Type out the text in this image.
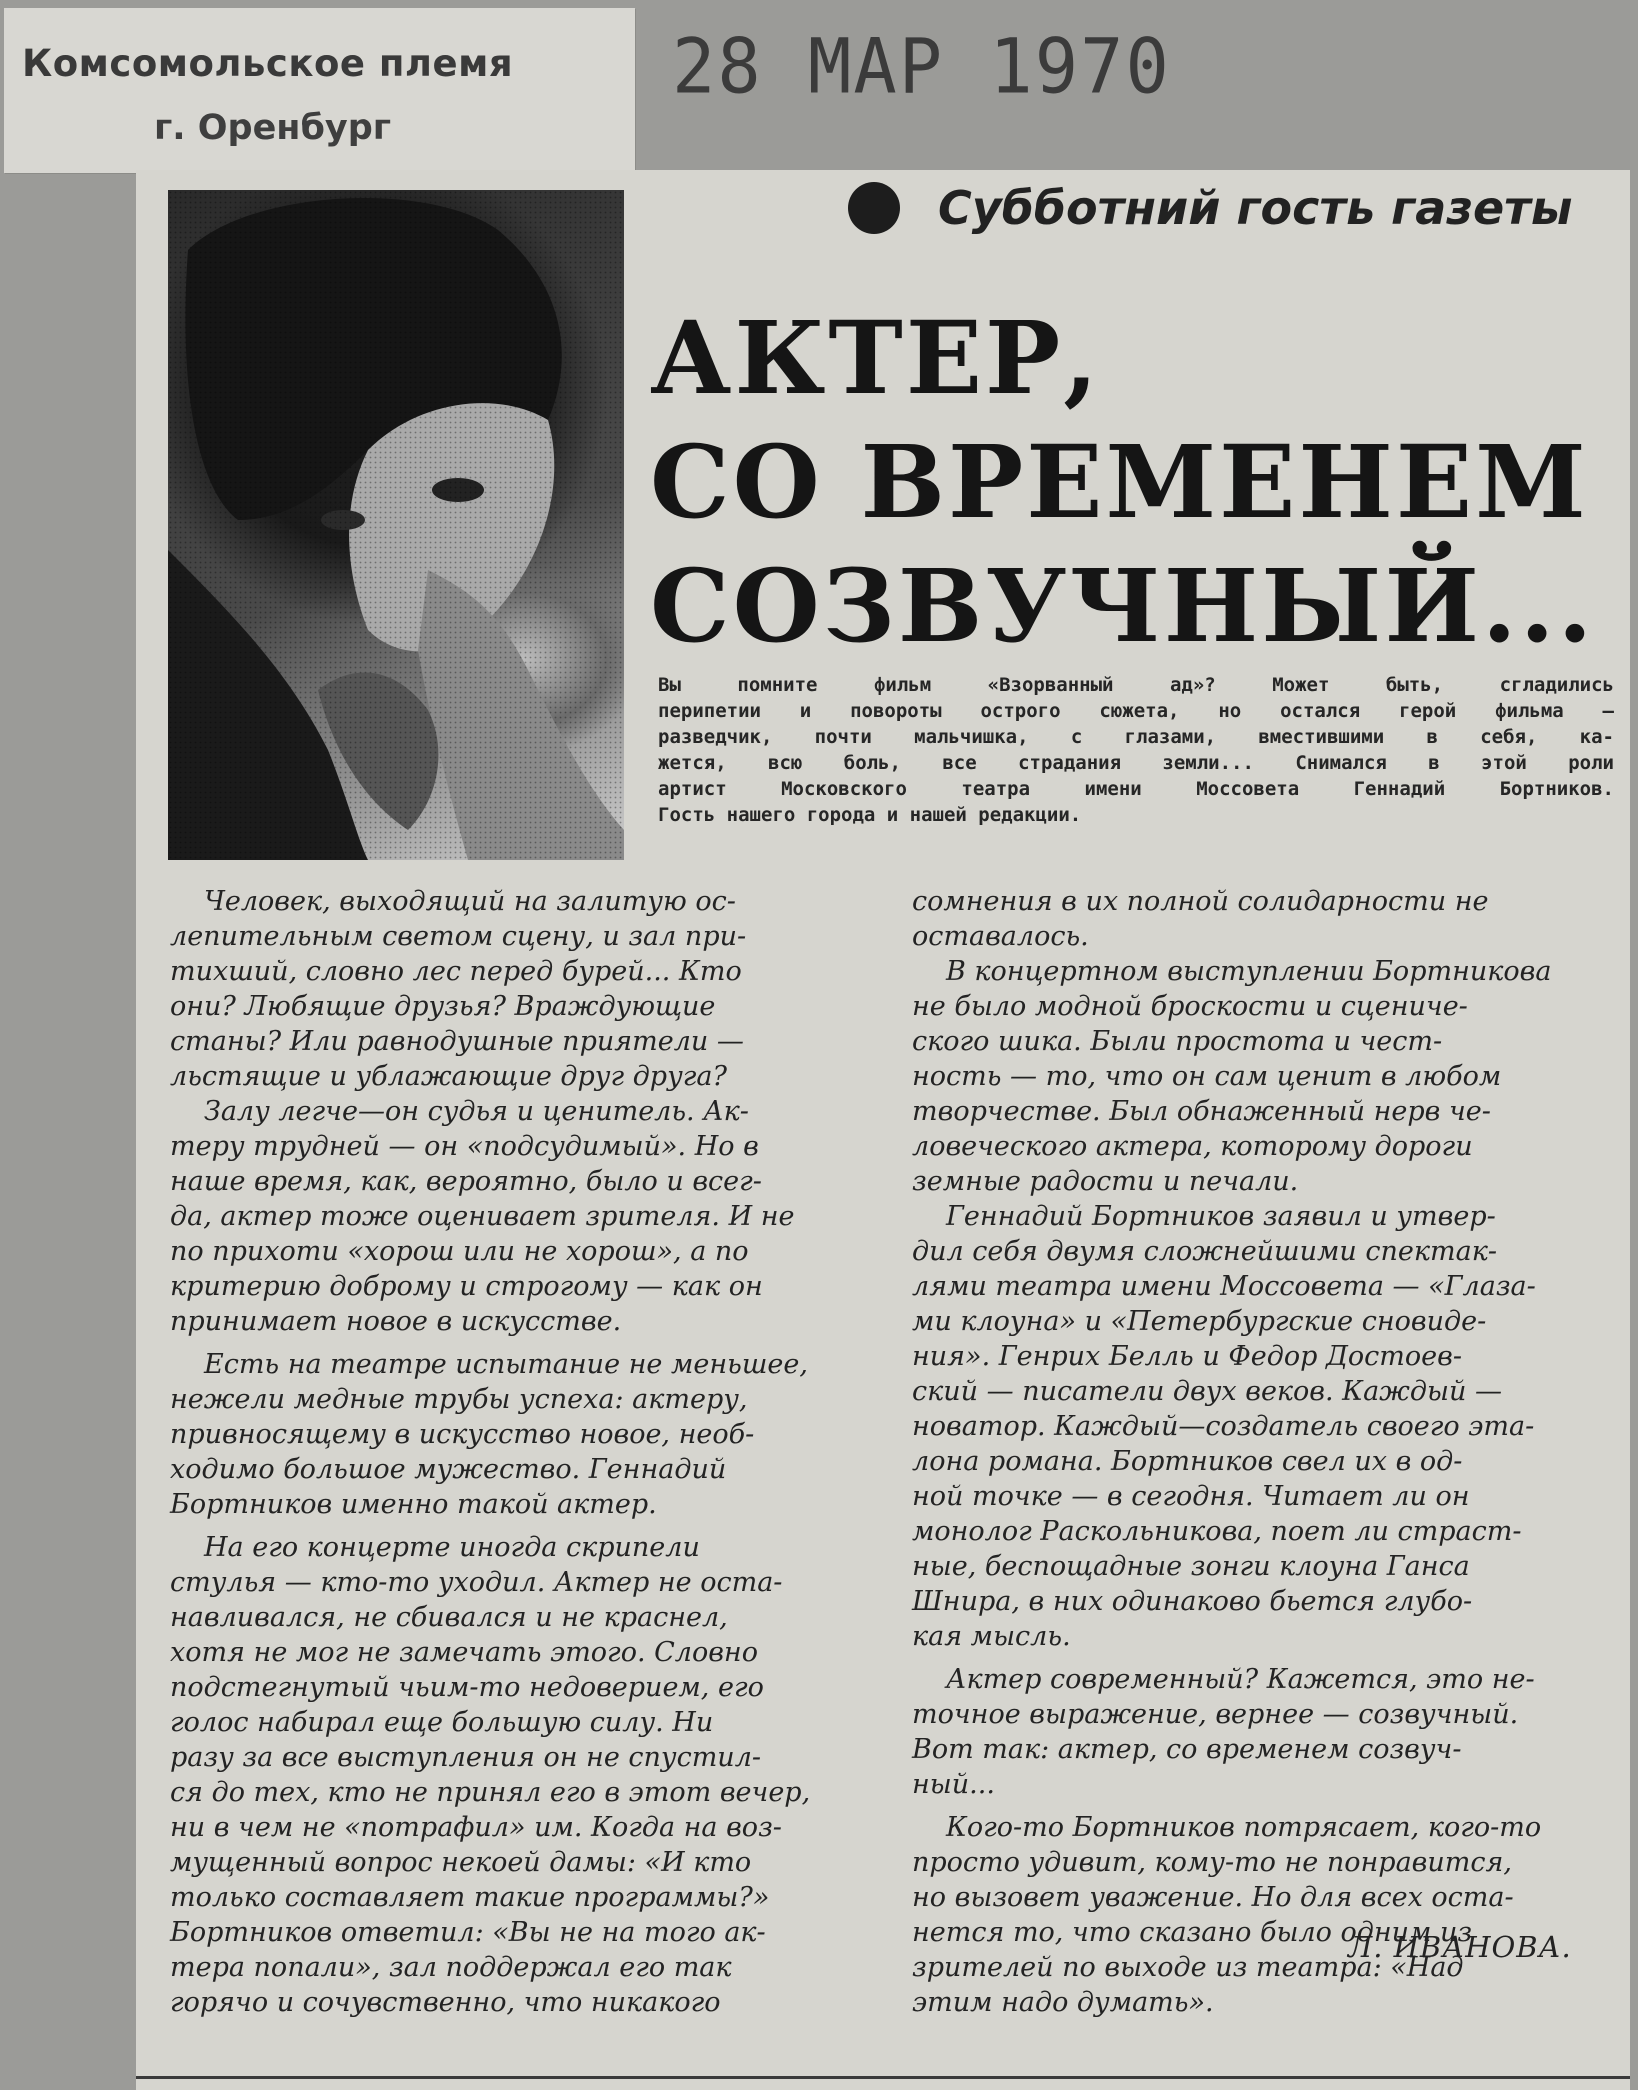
Комсомольское племя
г. Оренбург
28 МАР 1970
Субботний гость газеты
АКТЕР,
СО ВРЕМЕНЕМ
СОЗВУЧНЫЙ...
Вы помните фильм «Взорванный ад»? Может быть, сгладились
перипетии и повороты острого сюжета, но остался герой фильма —
разведчик, почти мальчишка, с глазами, вместившими в себя, ка-
жется, всю боль, все страдания земли... Снимался в этой роли
артист Московского театра имени Моссовета Геннадий Бортников.
Гость нашего города и нашей редакции.
Человек, выходящий на залитую ос-
лепительным светом сцену, и зал при-
тихший, словно лес перед бурей... Кто
они? Любящие друзья? Враждующие
станы? Или равнодушные приятели —
льстящие и ублажающие друг друга?
Залу легче—он судья и ценитель. Ак-
теру трудней — он «подсудимый». Но в
наше время, как, вероятно, было и всег-
да, актер тоже оценивает зрителя. И не
по прихоти «хорош или не хорош», а по
критерию доброму и строгому — как он
принимает новое в искусстве.
Есть на театре испытание не меньшее,
нежели медные трубы успеха: актеру,
привносящему в искусство новое, необ-
ходимо большое мужество. Геннадий
Бортников именно такой актер.
На его концерте иногда скрипели
стулья — кто-то уходил. Актер не оста-
навливался, не сбивался и не краснел,
хотя не мог не замечать этого. Словно
подстегнутый чьим-то недоверием, его
голос набирал еще большую силу. Ни
разу за все выступления он не спустил-
ся до тех, кто не принял его в этот вечер,
ни в чем не «потрафил» им. Когда на воз-
мущенный вопрос некоей дамы: «И кто
только составляет такие программы?»
Бортников ответил: «Вы не на того ак-
тера попали», зал поддержал его так
горячо и сочувственно, что никакого
сомнения в их полной солидарности не
оставалось.
В концертном выступлении Бортникова
не было модной броскости и сцениче-
ского шика. Были простота и чест-
ность — то, что он сам ценит в любом
творчестве. Был обнаженный нерв че-
ловеческого актера, которому дороги
земные радости и печали.
Геннадий Бортников заявил и утвер-
дил себя двумя сложнейшими спектак-
лями театра имени Моссовета — «Глаза-
ми клоуна» и «Петербургские сновиде-
ния». Генрих Белль и Федор Достоев-
ский — писатели двух веков. Каждый —
новатор. Каждый—создатель своего эта-
лона романа. Бортников свел их в од-
ной точке — в сегодня. Читает ли он
монолог Раскольникова, поет ли страст-
ные, беспощадные зонги клоуна Ганса
Шнира, в них одинаково бьется глубо-
кая мысль.
Актер современный? Кажется, это не-
точное выражение, вернее — созвучный.
Вот так: актер, со временем созвуч-
ный...
Кого-то Бортников потрясает, кого-то
просто удивит, кому-то не понравится,
но вызовет уважение. Но для всех оста-
нется то, что сказано было одним из
зрителей по выходе из театра: «Над
этим надо думать».
Л. ИВАНОВА.
